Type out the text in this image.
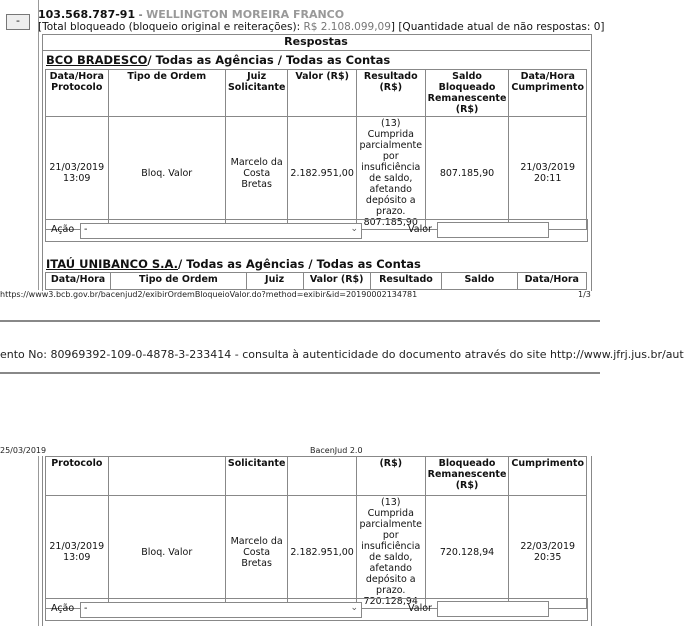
-	103.568.787-91 - WELLINGTON MOREIRA FRANCO
[Total bloqueado (bloqueio original e reiterações): R$ 2.108.099,09] [Quantidade atual de não respostas: 0]
Respostas
BCO BRADESCO/ Todas as Agências / Todas as Contas
Data/Hora Protocolo	Tipo de Ordem	Juiz Solicitante	Valor (R$)	Resultado (R$)	Saldo Bloqueado Remanescente (R$)	Data/Hora Cumprimento
21/03/2019 13:09	Bloq. Valor	Marcelo da Costa Bretas	2.182.951,00	(13) Cumprida parcialmente por insuficiência de saldo, afetando depósito a prazo. 807.185,90	807.185,90	21/03/2019 20:11
Ação -	⌄	Valor
ITAÚ UNIBANCO S.A./ Todas as Agências / Todas as Contas
Data/Hora	Tipo de Ordem	Juiz	Valor (R$)	Resultado	Saldo	Data/Hora
https://www3.bcb.gov.br/bacenjud2/exibirOrdemBloqueioValor.do?method=exibir&id=20190002134781	1/3
ento No: 80969392-109-0-4878-3-233414 - consulta à autenticidade do documento através do site http://www.jfrj.jus.br/aut
25/03/2019	BacenJud 2.0
Protocolo		Solicitante		(R$)	Bloqueado Remanescente (R$)	Cumprimento
21/03/2019 13:09	Bloq. Valor	Marcelo da Costa Bretas	2.182.951,00	(13) Cumprida parcialmente por insuficiência de saldo, afetando depósito a prazo. 720.128,94	720.128,94	22/03/2019 20:35
Ação -	⌄	Valor
